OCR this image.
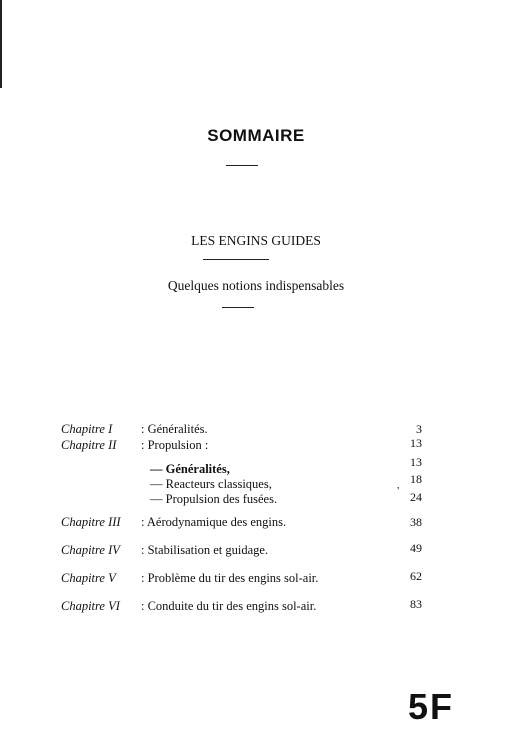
SOMMAIRE
LES ENGINS GUIDES
Quelques notions indispensables
Chapitre I : Généralités.	3
Chapitre II : Propulsion :	13
— Généralités,	13
,
— Reacteurs classiques,	18
— Propulsion des fusées.	24
Chapitre III : Aérodynamique des engins.	38
Chapitre IV : Stabilisation et guidage.	49
Chapitre V : Problème du tir des engins sol-air.	62
Chapitre VI : Conduite du tir des engins sol-air.	83
5F
